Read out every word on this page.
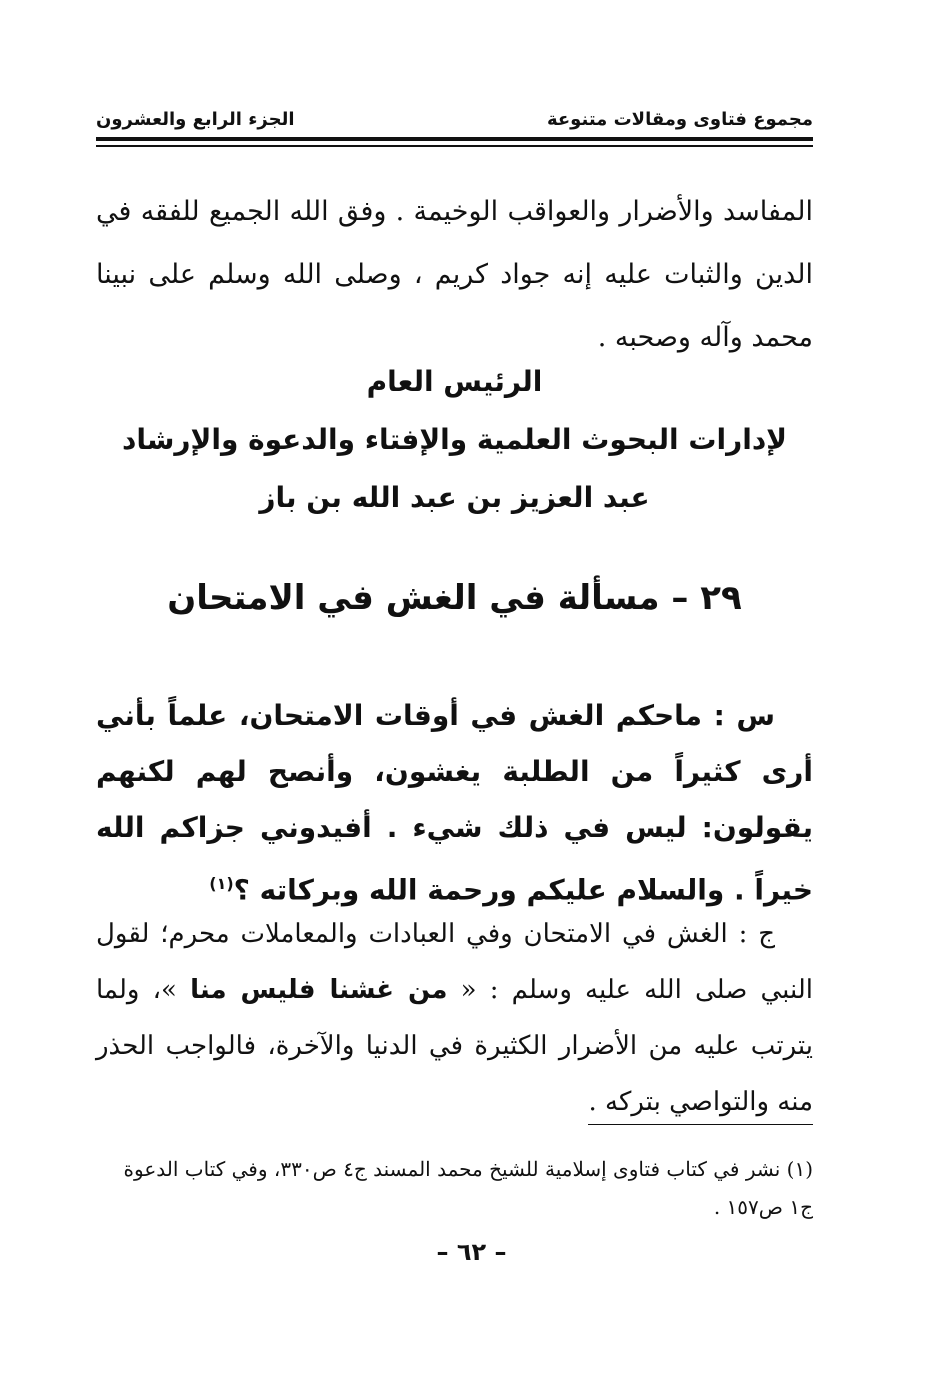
مجموع فتاوى ومقالات متنوعة
الجزء الرابع والعشرون

المفاسد والأضرار والعواقب الوخيمة . وفق الله الجميع للفقه في الدين والثبات عليه إنه جواد كريم ، وصلى الله وسلم على نبينا محمد وآله وصحبه .

الرئيس العام

لإدارات البحوث العلمية والإفتاء والدعوة والإرشاد

عبد العزيز بن عبد الله بن باز

٢٩ – مسألة في الغش في الامتحان

س : ماحكم الغش في أوقات الامتحان، علماً بأني أرى كثيراً من الطلبة يغشون، وأنصح لهم لكنهم يقولون: ليس في ذلك شيء . أفيدوني جزاكم الله خيراً . والسلام عليكم ورحمة الله وبركاته ؟$^{(١)}$

ج : الغش في الامتحان وفي العبادات والمعاملات محرم؛ لقول النبي صلى الله عليه وسلم : « من غشنا فليس منا »، ولما يترتب عليه من الأضرار الكثيرة في الدنيا والآخرة، فالواجب الحذر منه والتواصي بتركه .

(١) نشر في كتاب فتاوى إسلامية للشيخ محمد المسند ج٤ ص٣٣٠، وفي كتاب الدعوة ج١ ص١٥٧ .

– ٦٢ –
